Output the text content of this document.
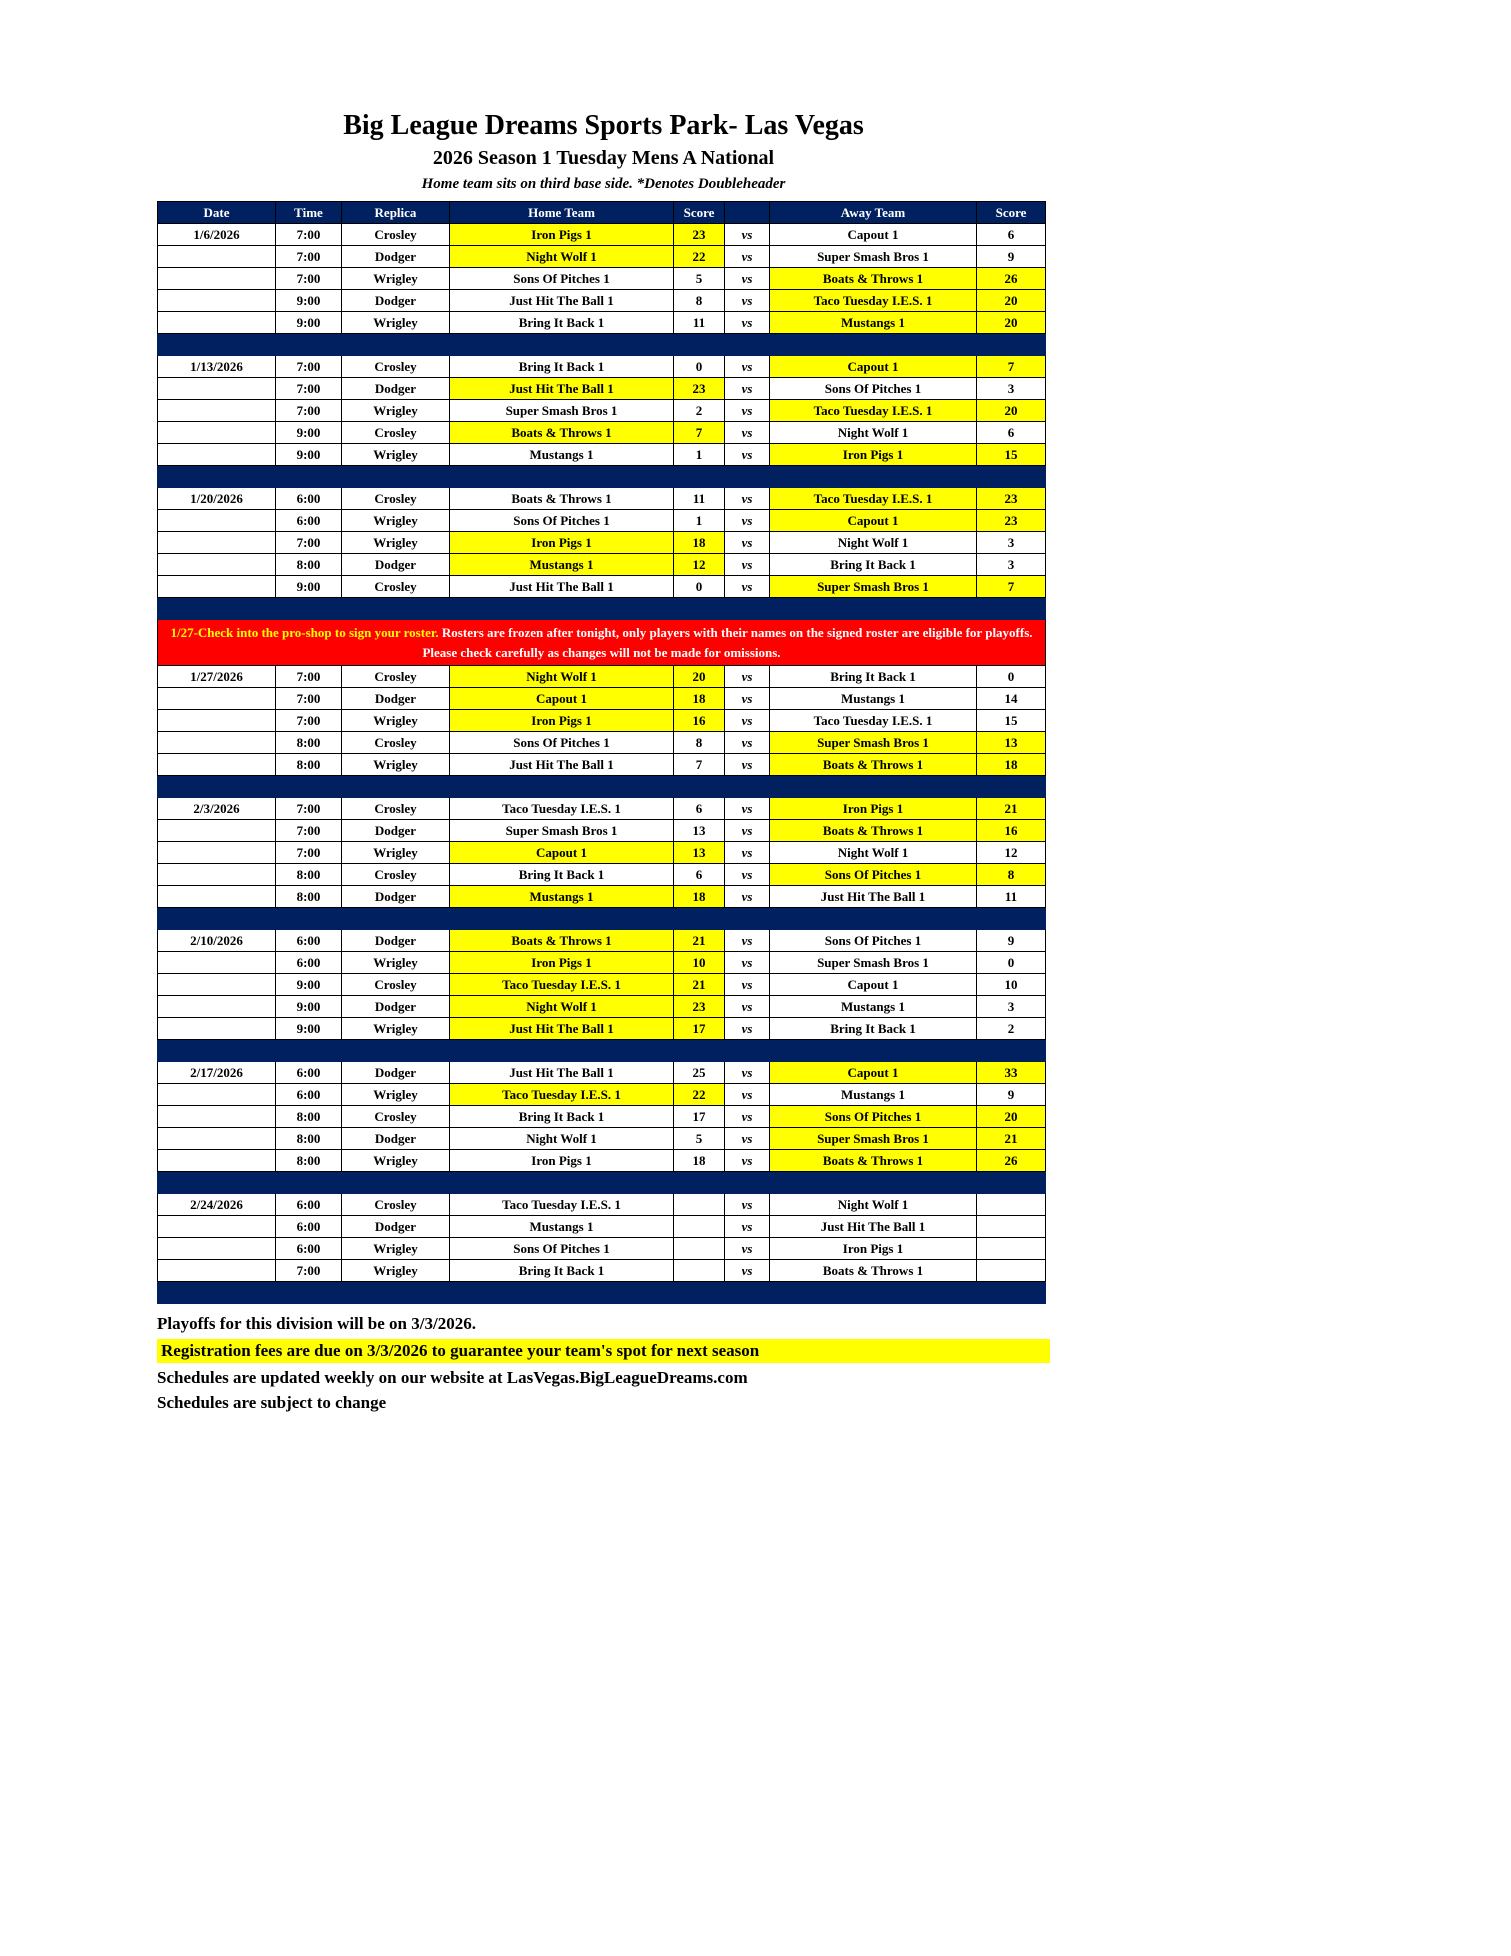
Big League Dreams Sports Park- Las Vegas
2026 Season 1 Tuesday Mens A National
Home team sits on third base side. *Denotes Doubleheader
Date	Time	Replica	Home Team	Score		Away Team	Score
1/6/2026	7:00	Crosley	Iron Pigs 1	23	vs	Capout 1	6
	7:00	Dodger	Night Wolf 1	22	vs	Super Smash Bros 1	9
	7:00	Wrigley	Sons Of Pitches 1	5	vs	Boats & Throws 1	26
	9:00	Dodger	Just Hit The Ball 1	8	vs	Taco Tuesday I.E.S. 1	20
	9:00	Wrigley	Bring It Back 1	11	vs	Mustangs 1	20

1/13/2026	7:00	Crosley	Bring It Back 1	0	vs	Capout 1	7
	7:00	Dodger	Just Hit The Ball 1	23	vs	Sons Of Pitches 1	3
	7:00	Wrigley	Super Smash Bros 1	2	vs	Taco Tuesday I.E.S. 1	20
	9:00	Crosley	Boats & Throws 1	7	vs	Night Wolf 1	6
	9:00	Wrigley	Mustangs 1	1	vs	Iron Pigs 1	15

1/20/2026	6:00	Crosley	Boats & Throws 1	11	vs	Taco Tuesday I.E.S. 1	23
	6:00	Wrigley	Sons Of Pitches 1	1	vs	Capout 1	23
	7:00	Wrigley	Iron Pigs 1	18	vs	Night Wolf 1	3
	8:00	Dodger	Mustangs 1	12	vs	Bring It Back 1	3
	9:00	Crosley	Just Hit The Ball 1	0	vs	Super Smash Bros 1	7

1/27-Check into the pro-shop to sign your roster. Rosters are frozen after tonight, only players with their names on the signed roster are eligible for playoffs. Please check carefully as changes will not be made for omissions.							
1/27/2026	7:00	Crosley	Night Wolf 1	20	vs	Bring It Back 1	0
	7:00	Dodger	Capout 1	18	vs	Mustangs 1	14
	7:00	Wrigley	Iron Pigs 1	16	vs	Taco Tuesday I.E.S. 1	15
	8:00	Crosley	Sons Of Pitches 1	8	vs	Super Smash Bros 1	13
	8:00	Wrigley	Just Hit The Ball 1	7	vs	Boats & Throws 1	18

2/3/2026	7:00	Crosley	Taco Tuesday I.E.S. 1	6	vs	Iron Pigs 1	21
	7:00	Dodger	Super Smash Bros 1	13	vs	Boats & Throws 1	16
	7:00	Wrigley	Capout 1	13	vs	Night Wolf 1	12
	8:00	Crosley	Bring It Back 1	6	vs	Sons Of Pitches 1	8
	8:00	Dodger	Mustangs 1	18	vs	Just Hit The Ball 1	11

2/10/2026	6:00	Dodger	Boats & Throws 1	21	vs	Sons Of Pitches 1	9
	6:00	Wrigley	Iron Pigs 1	10	vs	Super Smash Bros 1	0
	9:00	Crosley	Taco Tuesday I.E.S. 1	21	vs	Capout 1	10
	9:00	Dodger	Night Wolf 1	23	vs	Mustangs 1	3
	9:00	Wrigley	Just Hit The Ball 1	17	vs	Bring It Back 1	2

2/17/2026	6:00	Dodger	Just Hit The Ball 1	25	vs	Capout 1	33
	6:00	Wrigley	Taco Tuesday I.E.S. 1	22	vs	Mustangs 1	9
	8:00	Crosley	Bring It Back 1	17	vs	Sons Of Pitches 1	20
	8:00	Dodger	Night Wolf 1	5	vs	Super Smash Bros 1	21
	8:00	Wrigley	Iron Pigs 1	18	vs	Boats & Throws 1	26

2/24/2026	6:00	Crosley	Taco Tuesday I.E.S. 1		vs	Night Wolf 1	
	6:00	Dodger	Mustangs 1		vs	Just Hit The Ball 1	
	6:00	Wrigley	Sons Of Pitches 1		vs	Iron Pigs 1	
	7:00	Wrigley	Bring It Back 1		vs	Boats & Throws 1	

Playoffs for this division will be on 3/3/2026.
Registration fees are due on 3/3/2026 to guarantee your team's spot for next season
Schedules are updated weekly on our website at LasVegas.BigLeagueDreams.com
Schedules are subject to change
